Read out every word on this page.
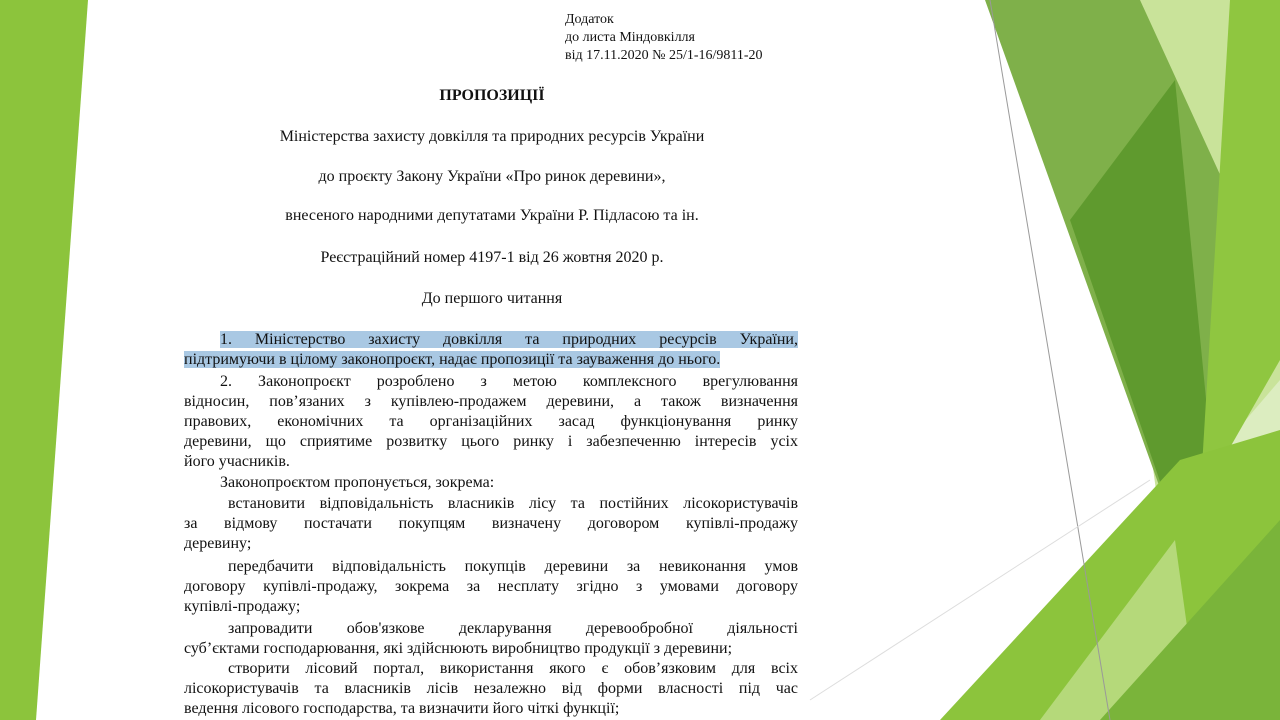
Додаток
до листа Міндовкілля
від 17.11.2020 № 25/1-16/9811-20
ПРОПОЗИЦІЇ
Міністерства захисту довкілля та природних ресурсів України
до проєкту Закону України «Про ринок деревини»,
внесеного народними депутатами України Р. Підласою та ін.
Реєстраційний номер 4197-1 від 26 жовтня 2020 р.
До першого читання
1. Міністерство захисту довкілля та природних ресурсів України,
підтримуючи в цілому законопроєкт, надає пропозиції та зауваження до нього.
2. Законопроєкт розроблено з метою комплексного врегулювання
відносин, пов’язаних з купівлею-продажем деревини, а також визначення
правових, економічних та організаційних засад функціонування ринку
деревини, що сприятиме розвитку цього ринку і забезпеченню інтересів усіх
його учасників.
Законопроєктом пропонується, зокрема:
встановити відповідальність власників лісу та постійних лісокористувачів
за відмову постачати покупцям визначену договором купівлі-продажу
деревину;
передбачити відповідальність покупців деревини за невиконання умов
договору купівлі-продажу, зокрема за несплату згідно з умовами договору
купівлі-продажу;
запровадити обов'язкове декларування деревообробної діяльності
суб’єктами господарювання, які здійснюють виробництво продукції з деревини;
створити лісовий портал, використання якого є обов’язковим для всіх
лісокористувачів та власників лісів незалежно від форми власності під час
ведення лісового господарства, та визначити його чіткі функції;
